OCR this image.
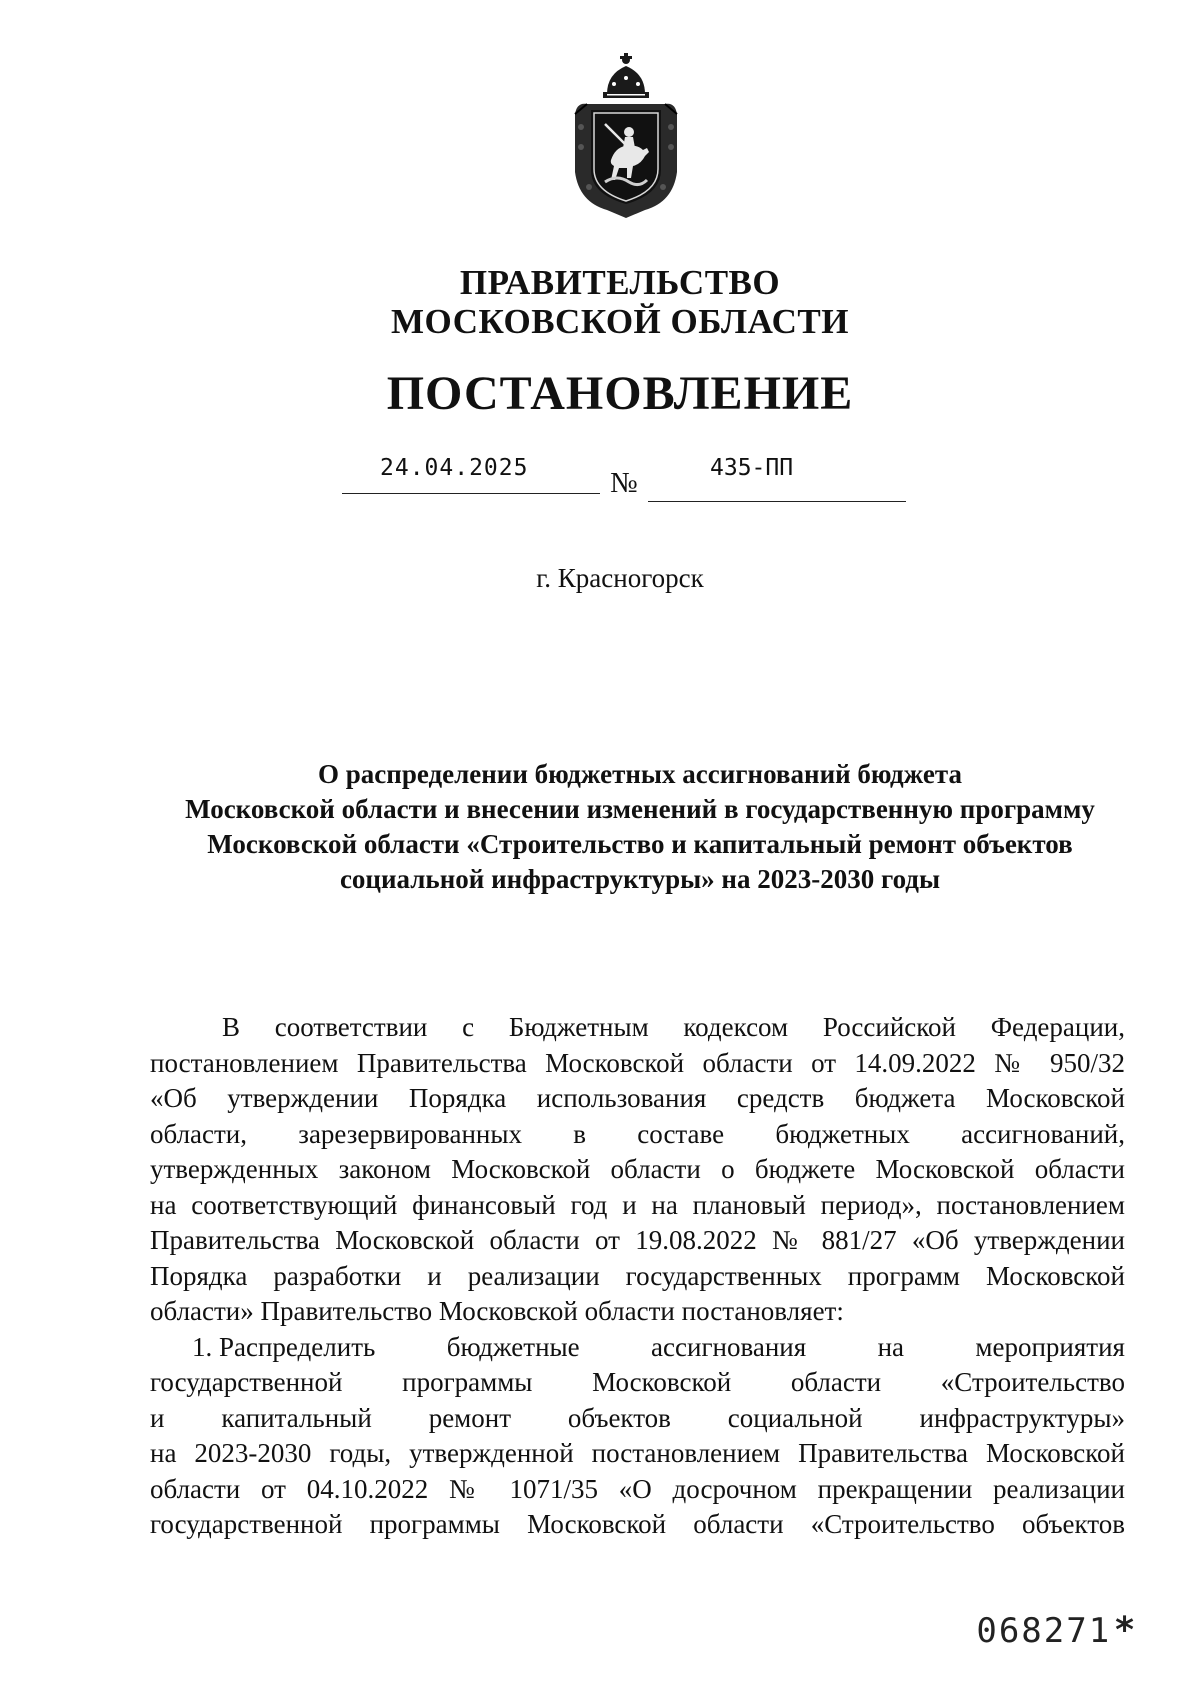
ПРАВИТЕЛЬСТВО
МОСКОВСКОЙ ОБЛАСТИ
ПОСТАНОВЛЕНИЕ
24.04.2025	№	435-ПП
г. Красногорск
О распределении бюджетных ассигнований бюджета
Московской области и внесении изменений в государственную программу
Московской области «Строительство и капитальный ремонт объектов
социальной инфраструктуры» на 2023-2030 годы
В соответствии с Бюджетным кодексом Российской Федерации,
постановлением Правительства Московской области от 14.09.2022 № 950/32
«Об утверждении Порядка использования средств бюджета Московской
области, зарезервированных в составе бюджетных ассигнований,
утвержденных законом Московской области о бюджете Московской области
на соответствующий финансовый год и на плановый период», постановлением
Правительства Московской области от 19.08.2022 № 881/27 «Об утверждении
Порядка разработки и реализации государственных программ Московской
области» Правительство Московской области постановляет:
1. Распределить	бюджетные	ассигнования	на	мероприятия
государственной программы Московской области «Строительство
и капитальный ремонт объектов социальной инфраструктуры»
на 2023-2030 годы, утвержденной постановлением Правительства Московской
области от 04.10.2022 № 1071/35 «О досрочном прекращении реализации
государственной программы Московской области «Строительство объектов
068271 *
